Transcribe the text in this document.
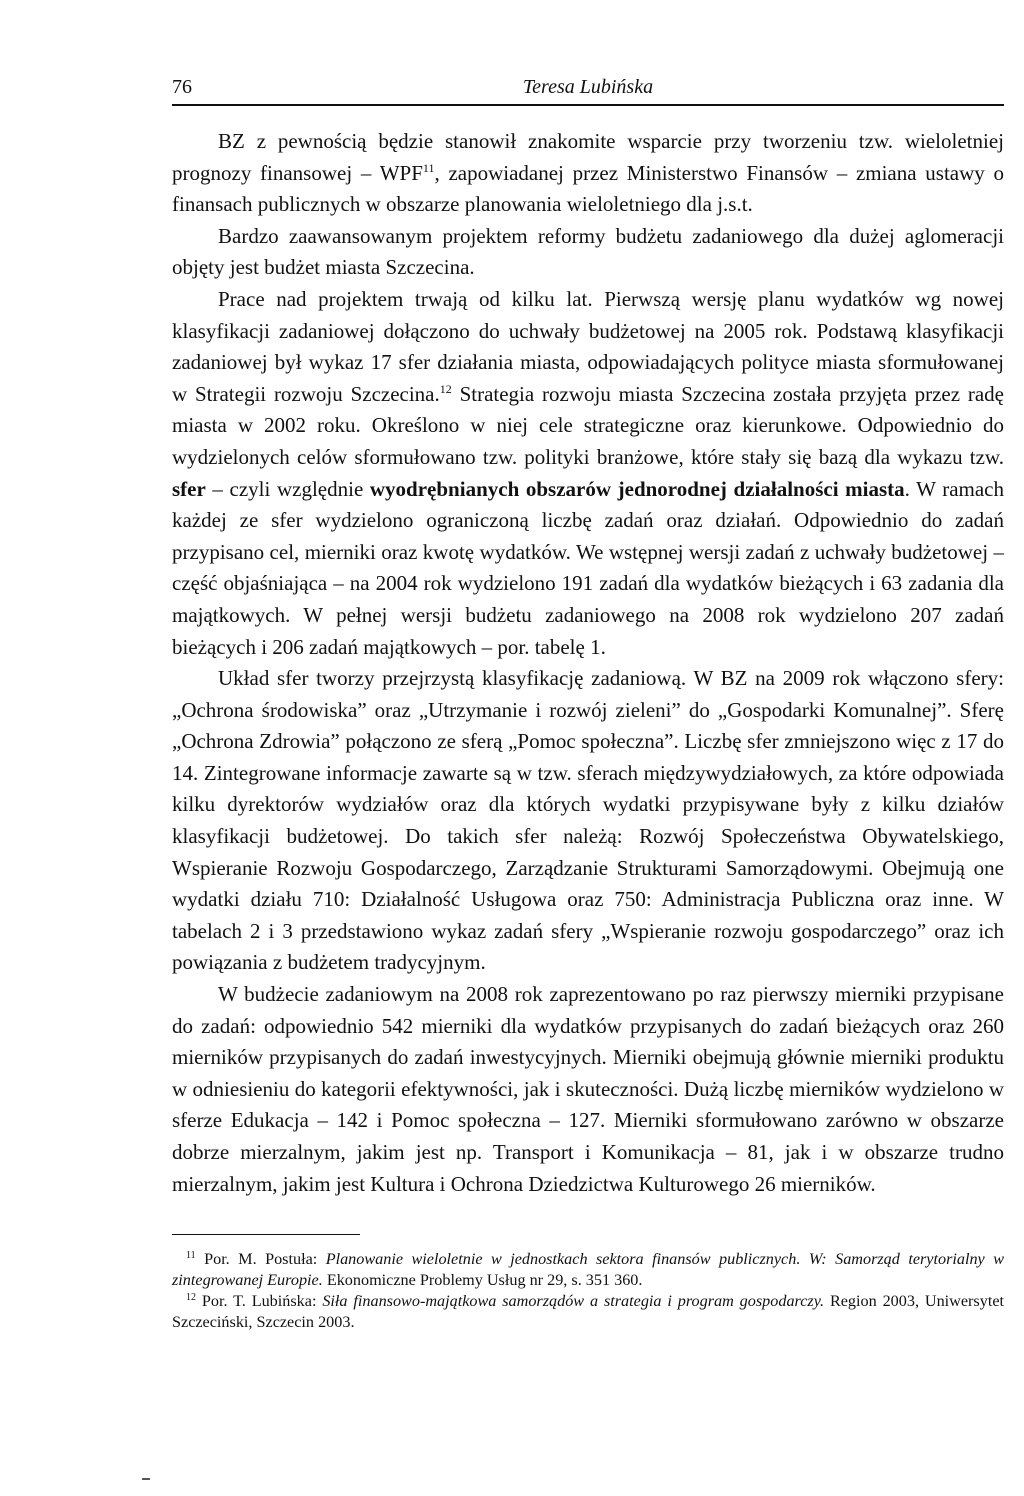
76	Teresa Lubińska

BZ z pewnością będzie stanowił znakomite wsparcie przy tworzeniu tzw. wieloletniej prognozy finansowej – WPF$^{11}$, zapowiadanej przez Ministerstwo Finansów – zmiana ustawy o finansach publicznych w obszarze planowania wieloletniego dla j.s.t.

Bardzo zaawansowanym projektem reformy budżetu zadaniowego dla dużej aglomeracji objęty jest budżet miasta Szczecina.

Prace nad projektem trwają od kilku lat. Pierwszą wersję planu wydatków wg nowej klasyfikacji zadaniowej dołączono do uchwały budżetowej na 2005 rok. Podstawą klasyfikacji zadaniowej był wykaz 17 sfer działania miasta, odpowiadających polityce miasta sformułowanej w Strategii rozwoju Szczecina.$^{12}$ Strategia rozwoju miasta Szczecina została przyjęta przez radę miasta w 2002 roku. Określono w niej cele strategiczne oraz kierunkowe. Odpowiednio do wydzielonych celów sformułowano tzw. polityki branżowe, które stały się bazą dla wykazu tzw. sfer – czyli względnie wyodrębnianych obszarów jednorodnej działalności miasta. W ramach każdej ze sfer wydzielono ograniczoną liczbę zadań oraz działań. Odpowiednio do zadań przypisano cel, mierniki oraz kwotę wydatków. We wstępnej wersji zadań z uchwały budżetowej – część objaśniająca – na 2004 rok wydzielono 191 zadań dla wydatków bieżących i 63 zadania dla majątkowych. W pełnej wersji budżetu zadaniowego na 2008 rok wydzielono 207 zadań bieżących i 206 zadań majątkowych – por. tabelę 1.

Układ sfer tworzy przejrzystą klasyfikację zadaniową. W BZ na 2009 rok włączono sfery: „Ochrona środowiska” oraz „Utrzymanie i rozwój zieleni” do „Gospodarki Komunalnej”. Sferę „Ochrona Zdrowia” połączono ze sferą „Pomoc społeczna”. Liczbę sfer zmniejszono więc z 17 do 14. Zintegrowane informacje zawarte są w tzw. sferach międzywydziałowych, za które odpowiada kilku dyrektorów wydziałów oraz dla których wydatki przypisywane były z kilku działów klasyfikacji budżetowej. Do takich sfer należą: Rozwój Społeczeństwa Obywatelskiego, Wspieranie Rozwoju Gospodarczego, Zarządzanie Strukturami Samorządowymi. Obejmują one wydatki działu 710: Działalność Usługowa oraz 750: Administracja Publiczna oraz inne. W tabelach 2 i 3 przedstawiono wykaz zadań sfery „Wspieranie rozwoju gospodarczego” oraz ich powiązania z budżetem tradycyjnym.

W budżecie zadaniowym na 2008 rok zaprezentowano po raz pierwszy mierniki przypisane do zadań: odpowiednio 542 mierniki dla wydatków przypisanych do zadań bieżących oraz 260 mierników przypisanych do zadań inwestycyjnych. Mierniki obejmują głównie mierniki produktu w odniesieniu do kategorii efektywności, jak i skuteczności. Dużą liczbę mierników wydzielono w sferze Edukacja – 142 i Pomoc społeczna – 127. Mierniki sformułowano zarówno w obszarze dobrze mierzalnym, jakim jest np. Transport i Komunikacja – 81, jak i w obszarze trudno mierzalnym, jakim jest Kultura i Ochrona Dziedzictwa Kulturowego 26 mierników.

$^{11}$ Por. M. Postuła: Planowanie wieloletnie w jednostkach sektora finansów publicznych. W: Samorząd terytorialny w zintegrowanej Europie. Ekonomiczne Problemy Usług nr 29, s. 351 360.

$^{12}$ Por. T. Lubińska: Siła finansowo-majątkowa samorządów a strategia i program gospodarczy. Region 2003, Uniwersytet Szczeciński, Szczecin 2003.
